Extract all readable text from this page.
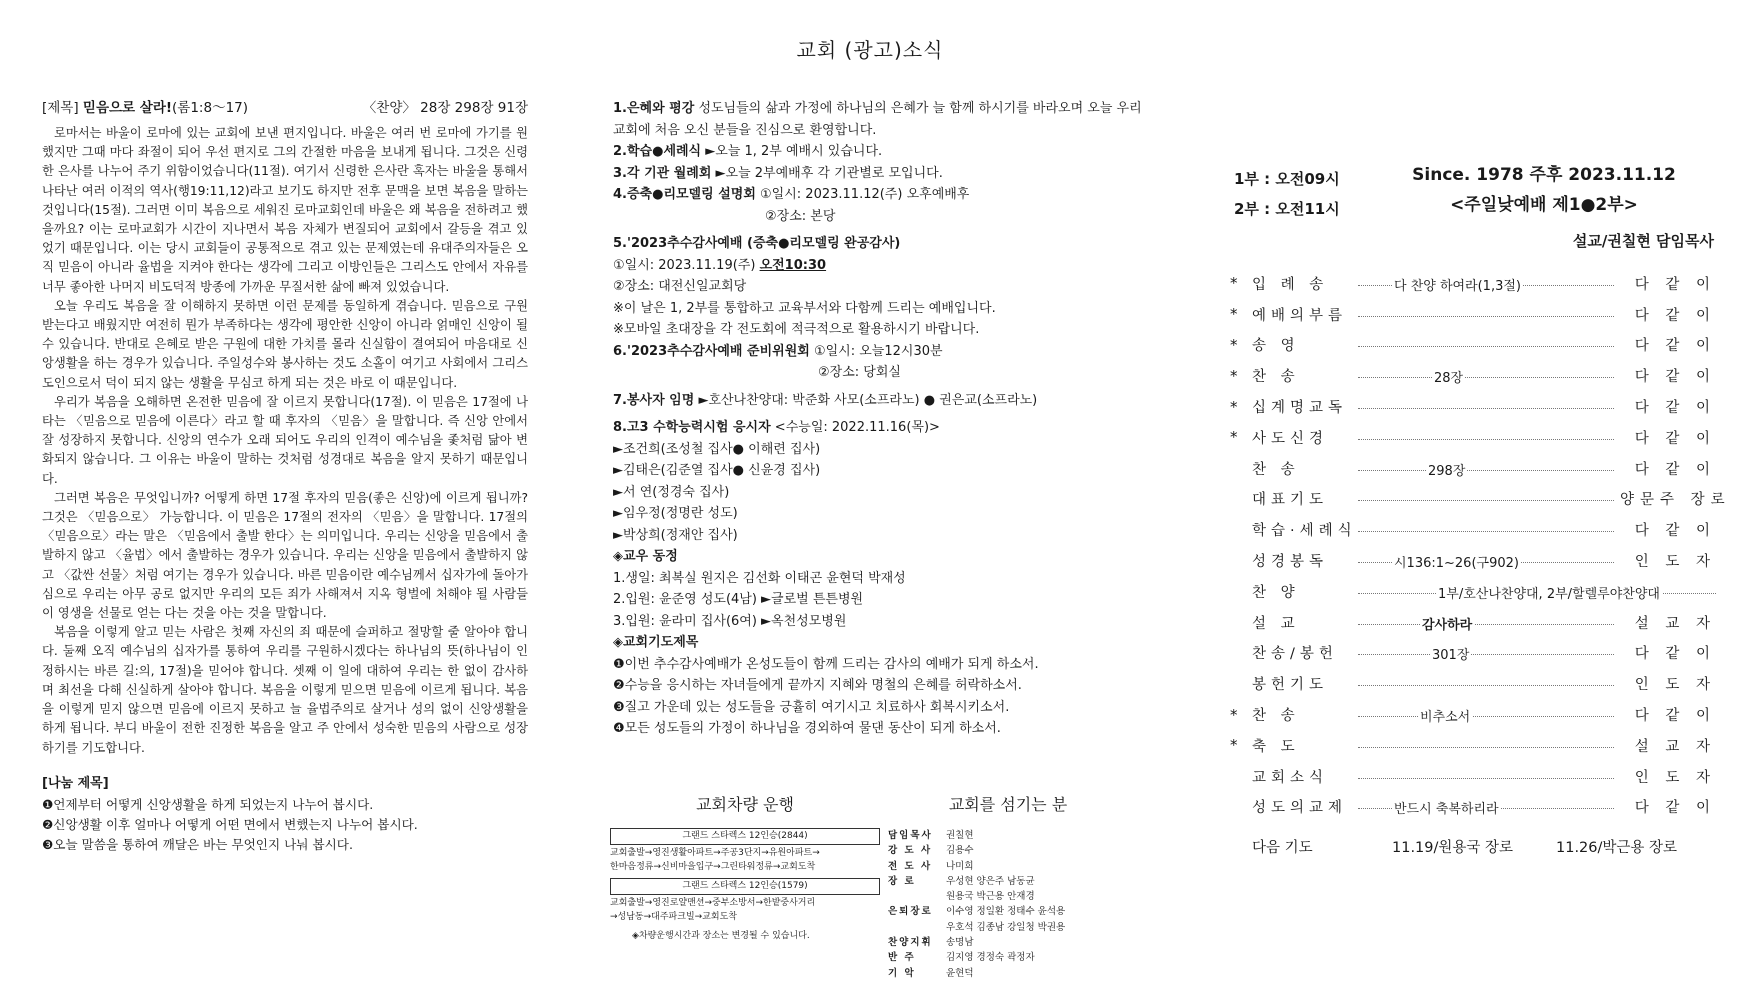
교회 (광고)소식
[제목] 믿음으로 살라!(롬1:8～17)	〈찬양〉 28장 298장 91장

로마서는 바울이 로마에 있는 교회에 보낸 편지입니다. 바울은 여러 번 로마에 가기를 원했지만 그때 마다 좌절이 되어 우선 편지로 그의 간절한 마음을 보내게 됩니다. 그것은 신령한 은사를 나누어 주기 위함이었습니다(11절). 여기서 신령한 은사란 혹자는 바울을 통해서 나타난 여러 이적의 역사(행19:11,12)라고 보기도 하지만 전후 문맥을 보면 복음을 말하는 것입니다(15절). 그러면 이미 복음으로 세워진 로마교회인데 바울은 왜 복음을 전하려고 했을까요? 이는 로마교회가 시간이 지나면서 복음 자체가 변질되어 교회에서 갈등을 겪고 있었기 때문입니다. 이는 당시 교회들이 공통적으로 겪고 있는 문제였는데 유대주의자들은 오직 믿음이 아니라 율법을 지켜야 한다는 생각에 그리고 이방인들은 그리스도 안에서 자유를 너무 좋아한 나머지 비도덕적 방종에 가까운 무질서한 삶에 빠져 있었습니다.

오늘 우리도 복음을 잘 이해하지 못하면 이런 문제를 동일하게 겪습니다. 믿음으로 구원 받는다고 배웠지만 여전히 뭔가 부족하다는 생각에 평안한 신앙이 아니라 얽매인 신앙이 될 수 있습니다. 반대로 은혜로 받은 구원에 대한 가치를 몰라 신실함이 결여되어 마음대로 신앙생활을 하는 경우가 있습니다. 주일성수와 봉사하는 것도 소홀이 여기고 사회에서 그리스도인으로서 덕이 되지 않는 생활을 무심코 하게 되는 것은 바로 이 때문입니다.

우리가 복음을 오해하면 온전한 믿음에 잘 이르지 못합니다(17절). 이 믿음은 17절에 나타는 〈믿음으로 믿음에 이른다〉라고 할 때 후자의 〈믿음〉을 말합니다. 즉 신앙 안에서 잘 성장하지 못합니다. 신앙의 연수가 오래 되어도 우리의 인격이 예수님을 좇처럼 닮아 변화되지 않습니다. 그 이유는 바울이 말하는 것처럼 성경대로 복음을 알지 못하기 때문입니다.

그러면 복음은 무엇입니까? 어떻게 하면 17절 후자의 믿음(좋은 신앙)에 이르게 됩니까? 그것은 〈믿음으로〉 가능합니다. 이 믿음은 17절의 전자의 〈믿음〉을 말합니다. 17절의 〈믿음으로〉라는 말은 〈믿음에서 출발 한다〉는 의미입니다. 우리는 신앙을 믿음에서 출발하지 않고 〈율법〉에서 출발하는 경우가 있습니다. 우리는 신앙을 믿음에서 출발하지 않고 〈값싼 선물〉처럼 여기는 경우가 있습니다. 바른 믿음이란 예수님께서 십자가에 돌아가심으로 우리는 아무 공로 없지만 우리의 모든 죄가 사해져서 지옥 형벌에 처해야 될 사람들이 영생을 선물로 얻는 다는 것을 아는 것을 말합니다.

복음을 이렇게 알고 믿는 사람은 첫째 자신의 죄 때문에 슬퍼하고 절망할 줄 알아야 합니다. 둘째 오직 예수님의 십자가를 통하여 우리를 구원하시겠다는 하나님의 뜻(하나님이 인정하시는 바른 길:의, 17절)을 믿어야 합니다. 셋째 이 일에 대하여 우리는 한 없이 감사하며 최선을 다해 신실하게 살아야 합니다. 복음을 이렇게 믿으면 믿음에 이르게 됩니다. 복음을 이렇게 믿지 않으면 믿음에 이르지 못하고 늘 율법주의로 살거나 성의 없이 신앙생활을 하게 됩니다. 부디 바울이 전한 진정한 복음을 알고 주 안에서 성숙한 믿음의 사람으로 성장하기를 기도합니다.

[나눔 제목]
❶언제부터 어떻게 신앙생활을 하게 되었는지 나누어 봅시다.
❷신앙생활 이후 얼마나 어떻게 어떤 면에서 변했는지 나누어 봅시다.
❸오늘 말씀을 통하여 깨달은 바는 무엇인지 나눠 봅시다.

1.은혜와 평강 성도님들의 삶과 가정에 하나님의 은혜가 늘 함께 하시기를 바라오며 오늘 우리교회에 처음 오신 분들을 진심으로 환영합니다.

2.학습●세례식 ►오늘 1, 2부 예배시 있습니다.

3.각 기관 월례회 ►오늘 2부예배후 각 기관별로 모입니다.

4.증축●리모델링 설명회 ①일시: 2023.11.12(주) 오후예배후

②장소: 본당

5.'2023추수감사예배 (증축●리모델링 완공감사)

①일시: 2023.11.19(주) 오전10:30

②장소: 대전신일교회당

※이 날은 1, 2부를 통합하고 교육부서와 다함께 드리는 예배입니다.

※모바일 초대장을 각 전도회에 적극적으로 활용하시기 바랍니다.

6.'2023추수감사예배 준비위원회 ①일시: 오늘12시30분

②장소: 당회실

7.봉사자 임명 ►호산나찬양대: 박준화 사모(소프라노) ● 권은교(소프라노)

8.고3 수학능력시험 응시자 <수능일: 2022.11.16(목)>

►조건희(조성철 집사● 이해련 집사)

►김태은(김준열 집사● 신윤경 집사)

►서 연(정경숙 집사)

►임우정(정명란 성도)

►박상희(정재안 집사)

◈교우 동정

1.생일: 최복실 원지은 김선화 이태곤 윤현덕 박재성

2.입원: 윤준영 성도(4남) ►글로벌 튼튼병원

3.입원: 윤라미 집사(6여) ►옥천성모병원

◈교회기도제목

❶이번 추수감사예배가 온성도들이 함께 드리는 감사의 예배가 되게 하소서.

❷수능을 응시하는 자녀들에게 끝까지 지혜와 명철의 은혜를 허락하소서.

❸질고 가운데 있는 성도들을 긍휼히 여기시고 치료하사 회복시키소서.

❹모든 성도들의 가정이 하나님을 경외하여 물댄 동산이 되게 하소서.

교회차량 운행
그랜드 스타렉스 12인승(2844)
교회출발→영진생활아파트→주공3단지→유원아파트→
한마음정류→신비마을입구→그린타워정류→교회도착
그랜드 스타렉스 12인승(1579)
교회출발→영진로얄맨션→중부소방서→한밭중사거리
→성남동→대주파크빌→교회도착
◈차량운행시간과 장소는 변경될 수 있습니다.
교회를 섬기는 분
담임목사	권칠현
강 도 사	김용수
전 도 사	나미희
장 로	우성현 양은주 남동균
원용국 박근용 안재경
은퇴장로	이수영 정일환 정태수 윤석용
우호석 김종남 강일청 박권용
찬양지휘	송명남
반 주	김지영 경정숙 곽정자
기 악	윤현덕
1부 : 오전09시
2부 : 오전11시
Since. 1978 주후 2023.11.12
<주일낮예배 제1●2부>
설교/권칠현 담임목사
*	입 례 송	다 찬양 하여라(1,3절)	다 같 이
*	예배의부름	다 같 이
*	송 영	다 같 이
*	찬 송	28장	다 같 이
*	십계명교독	다 같 이
*	사도신경	다 같 이
찬 송	298장	다 같 이
대표기도	양문주 장로
학습·세례식	다 같 이
성경봉독	시136:1~26(구902)	인 도 자
찬 양	1부/호산나찬양대, 2부/할렐루야찬양대
설 교	감사하라	설 교 자
찬송/봉헌	301장	다 같 이
봉헌기도	인 도 자
*	찬 송	비추소서	다 같 이
*	축 도	설 교 자
교회소식	인 도 자
성도의교제	반드시 축복하리라	다 같 이
다음 기도	11.19/원용국 장로	11.26/박근용 장로
